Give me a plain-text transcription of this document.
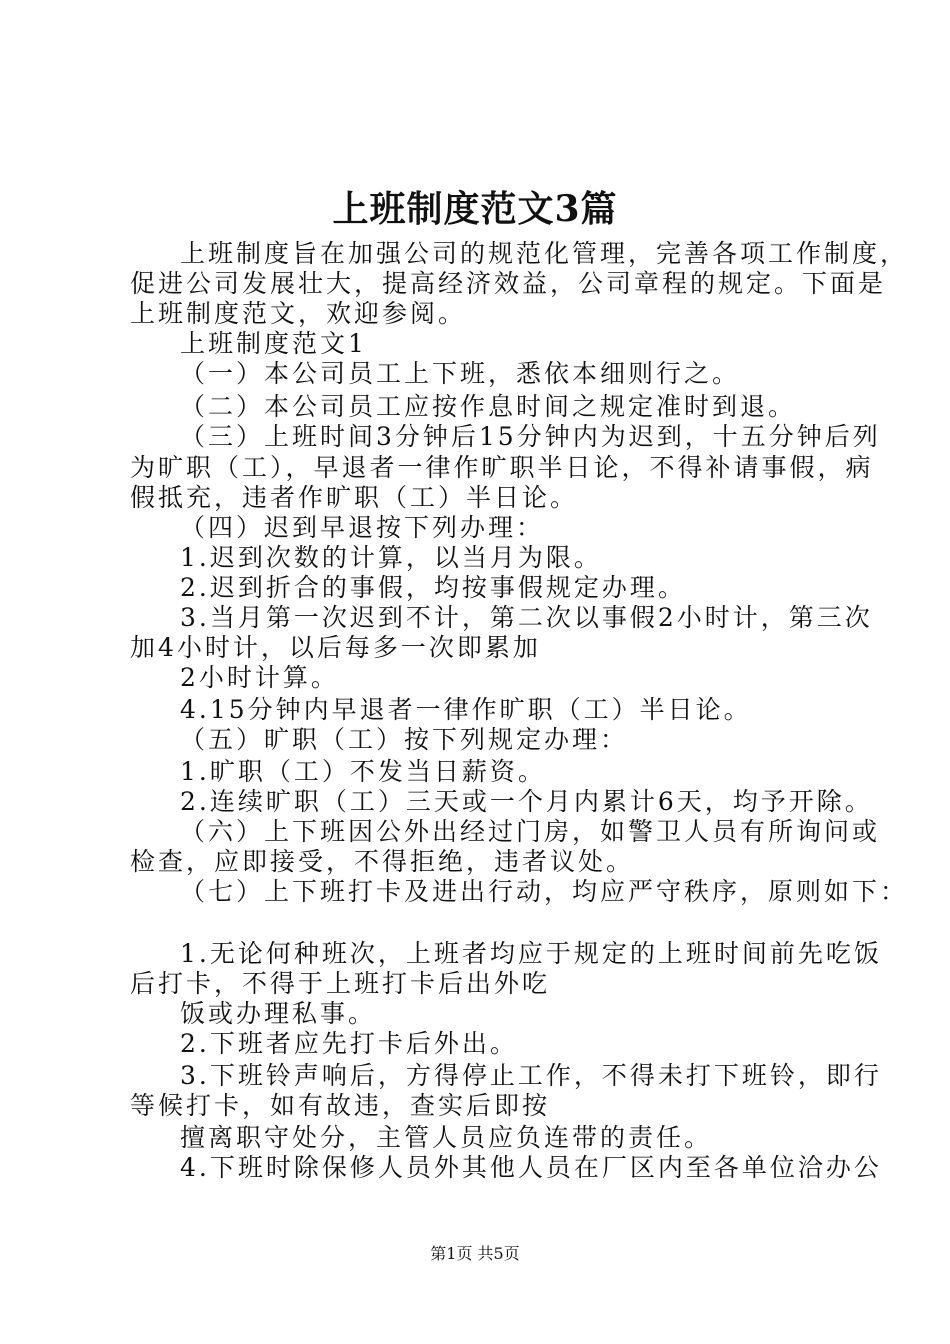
上班制度范文3篇
上班制度旨在加强公司的规范化管理，完善各项工作制度，
促进公司发展壮大，提高经济效益，公司章程的规定。下面是
上班制度范文，欢迎参阅。
上班制度范文1
（一）本公司员工上下班，悉依本细则行之。
（二）本公司员工应按作息时间之规定准时到退。
（三）上班时间3分钟后15分钟内为迟到，十五分钟后列
为旷职（工），早退者一律作旷职半日论，不得补请事假，病
假抵充，违者作旷职（工）半日论。
（四）迟到早退按下列办理：
1.迟到次数的计算，以当月为限。
2.迟到折合的事假，均按事假规定办理。
3.当月第一次迟到不计，第二次以事假2小时计，第三次
加4小时计，以后每多一次即累加
2小时计算。
4.15分钟内早退者一律作旷职（工）半日论。
（五）旷职（工）按下列规定办理：
1.旷职（工）不发当日薪资。
2.连续旷职（工）三天或一个月内累计6天，均予开除。
（六）上下班因公外出经过门房，如警卫人员有所询问或
检查，应即接受，不得拒绝，违者议处。
（七）上下班打卡及进出行动，均应严守秩序，原则如下：
1.无论何种班次，上班者均应于规定的上班时间前先吃饭
后打卡，不得于上班打卡后出外吃
饭或办理私事。
2.下班者应先打卡后外出。
3.下班铃声响后，方得停止工作，不得未打下班铃，即行
等候打卡，如有故违，查实后即按
擅离职守处分，主管人员应负连带的责任。
4.下班时除保修人员外其他人员在厂区内至各单位洽办公
第1页 共5页
